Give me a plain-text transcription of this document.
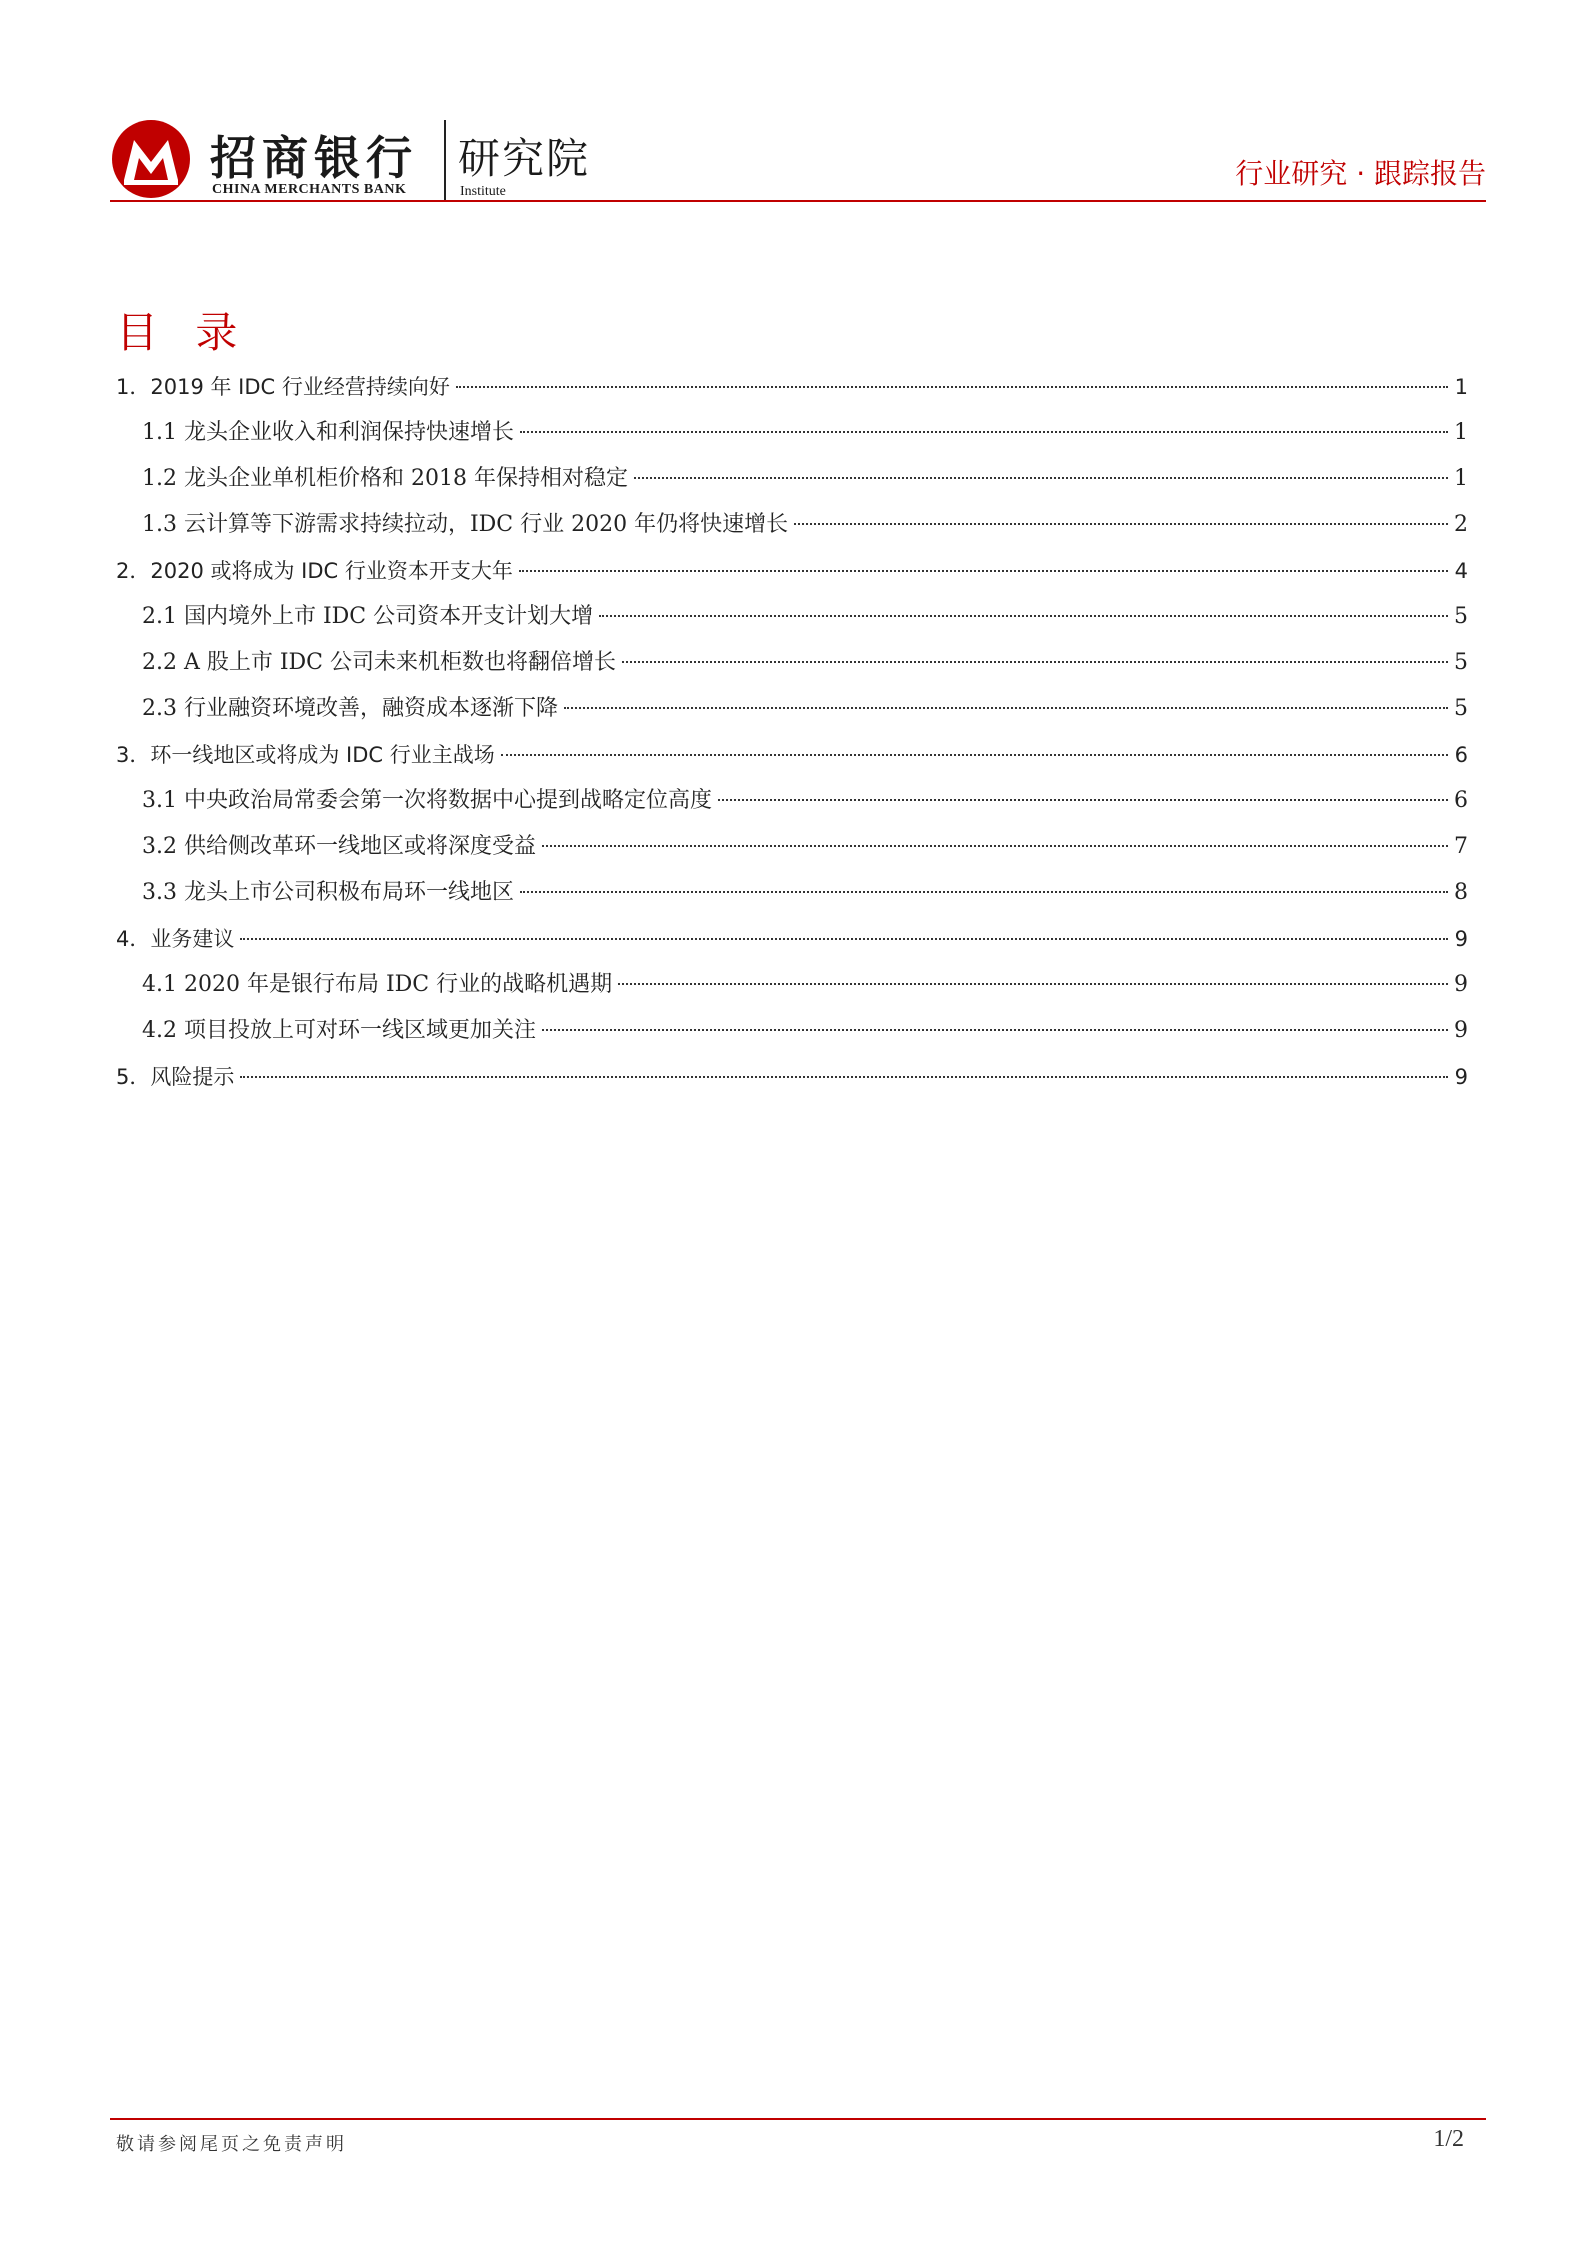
招商银行
CHINA MERCHANTS BANK
研究院
Institute
行业研究 · 跟踪报告
目 录
1． 2019 年 IDC 行业经营持续向好	1
1.1 龙头企业收入和利润保持快速增长	1
1.2 龙头企业单机柜价格和 2018 年保持相对稳定	1
1.3 云计算等下游需求持续拉动，IDC 行业 2020 年仍将快速增长	2
2． 2020 或将成为 IDC 行业资本开支大年	4
2.1 国内境外上市 IDC 公司资本开支计划大增	5
2.2 A 股上市 IDC 公司未来机柜数也将翻倍增长	5
2.3 行业融资环境改善，融资成本逐渐下降	5
3． 环一线地区或将成为 IDC 行业主战场	6
3.1 中央政治局常委会第一次将数据中心提到战略定位高度	6
3.2 供给侧改革环一线地区或将深度受益	7
3.3 龙头上市公司积极布局环一线地区	8
4． 业务建议	9
4.1 2020 年是银行布局 IDC 行业的战略机遇期	9
4.2 项目投放上可对环一线区域更加关注	9
5． 风险提示	9
敬请参阅尾页之免责声明	1/2
